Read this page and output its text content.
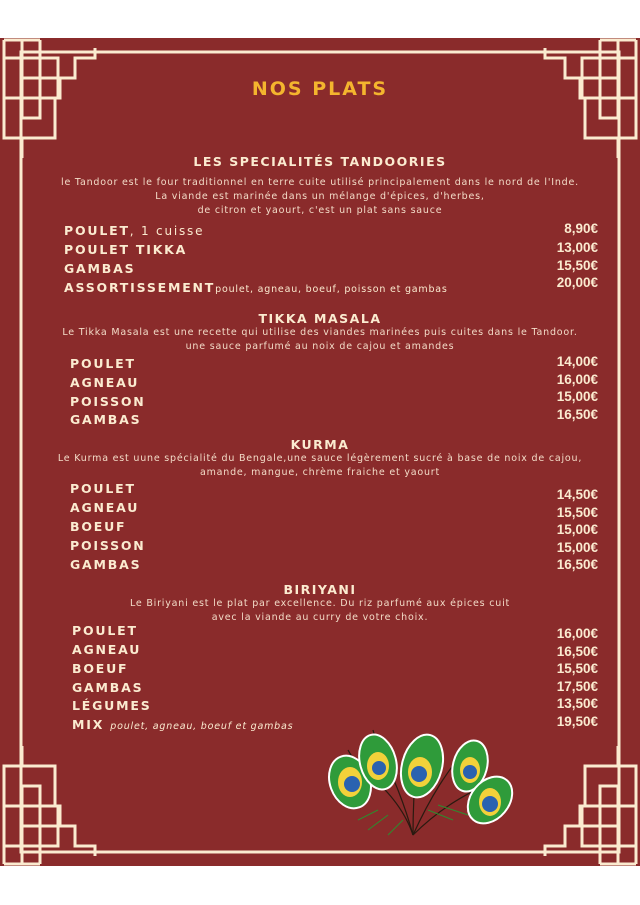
NOS PLATS
LES SPECIALITÉS TANDOORIES
le Tandoor est le four traditionnel en terre cuite utilisé principalement dans le nord de l'Inde.
La viande est marinée dans un mélange d'épices, d'herbes,
de citron et yaourt, c'est un plat sans sauce
POULET, 1 cuisse	8,90€
POULET TIKKA	13,00€
GAMBAS	15,50€
ASSORTISSEMENTpoulet, agneau, boeuf, poisson et gambas	20,00€
TIKKA MASALA
Le Tikka Masala est une recette qui utilise des viandes marinées puis cuites dans le Tandoor.
une sauce parfumé au noix de cajou et amandes
POULET	14,00€
AGNEAU	16,00€
POISSON	15,00€
GAMBAS	16,50€
KURMA
Le Kurma est uune spécialité du Bengale,une sauce légèrement sucré à base de noix de cajou,
amande, mangue, chrème fraiche et yaourt
POULET	14,50€
AGNEAU	15,50€
BOEUF	15,00€
POISSON	15,00€
GAMBAS	16,50€
BIRIYANI
Le Biriyani est le plat par excellence. Du riz parfumé aux épices cuit
avec la viande au curry de votre choix.
POULET	16,00€
AGNEAU	16,50€
BOEUF	15,50€
GAMBAS	17,50€
LÉGUMES	13,50€
MIX poulet, agneau, boeuf et gambas	19,50€
